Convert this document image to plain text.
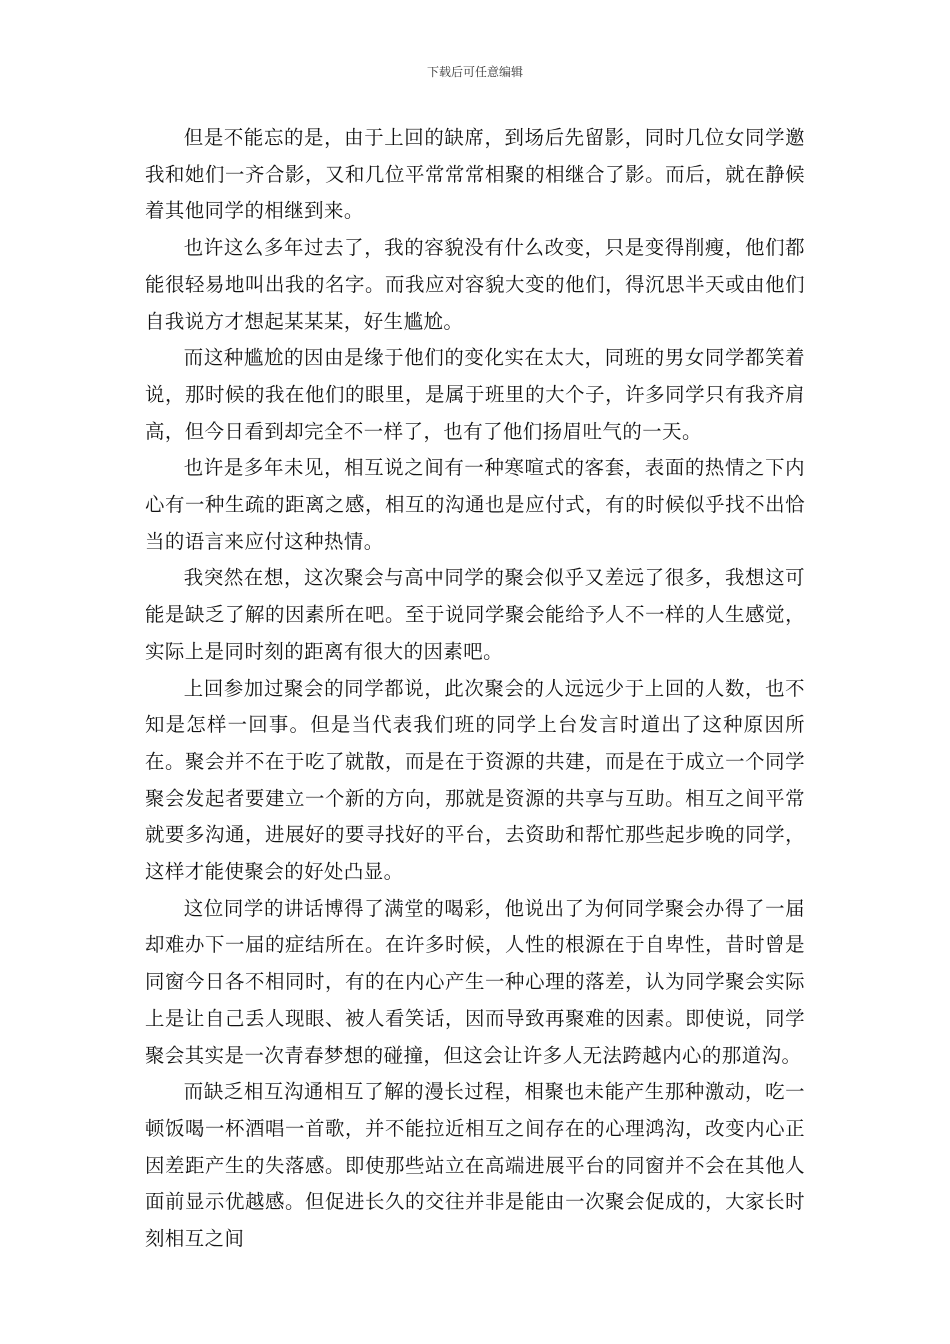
下载后可任意编辑

但是不能忘的是，由于上回的缺席，到场后先留影，同时几位女同学邀我和她们一齐合影，又和几位平常常常相聚的相继合了影。而后，就在静候着其他同学的相继到来。

也许这么多年过去了，我的容貌没有什么改变，只是变得削瘦，他们都能很轻易地叫出我的名字。而我应对容貌大变的他们，得沉思半天或由他们自我说方才想起某某某，好生尴尬。

而这种尴尬的因由是缘于他们的变化实在太大，同班的男女同学都笑着说，那时候的我在他们的眼里，是属于班里的大个子，许多同学只有我齐肩高，但今日看到却完全不一样了，也有了他们扬眉吐气的一天。

也许是多年未见，相互说之间有一种寒喧式的客套，表面的热情之下内心有一种生疏的距离之感，相互的沟通也是应付式，有的时候似乎找不出恰当的语言来应付这种热情。

我突然在想，这次聚会与高中同学的聚会似乎又差远了很多，我想这可能是缺乏了解的因素所在吧。至于说同学聚会能给予人不一样的人生感觉，实际上是同时刻的距离有很大的因素吧。

上回参加过聚会的同学都说，此次聚会的人远远少于上回的人数，也不知是怎样一回事。但是当代表我们班的同学上台发言时道出了这种原因所在。聚会并不在于吃了就散，而是在于资源的共建，而是在于成立一个同学聚会发起者要建立一个新的方向，那就是资源的共享与互助。相互之间平常就要多沟通，进展好的要寻找好的平台，去资助和帮忙那些起步晚的同学，这样才能使聚会的好处凸显。

这位同学的讲话博得了满堂的喝彩，他说出了为何同学聚会办得了一届却难办下一届的症结所在。在许多时候，人性的根源在于自卑性，昔时曾是同窗今日各不相同时，有的在内心产生一种心理的落差，认为同学聚会实际上是让自己丢人现眼、被人看笑话，因而导致再聚难的因素。即使说，同学聚会其实是一次青春梦想的碰撞，但这会让许多人无法跨越内心的那道沟。

而缺乏相互沟通相互了解的漫长过程，相聚也未能产生那种激动，吃一顿饭喝一杯酒唱一首歌，并不能拉近相互之间存在的心理鸿沟，改变内心正因差距产生的失落感。即使那些站立在高端进展平台的同窗并不会在其他人面前显示优越感。但促进长久的交往并非是能由一次聚会促成的，大家长时刻相互之间
